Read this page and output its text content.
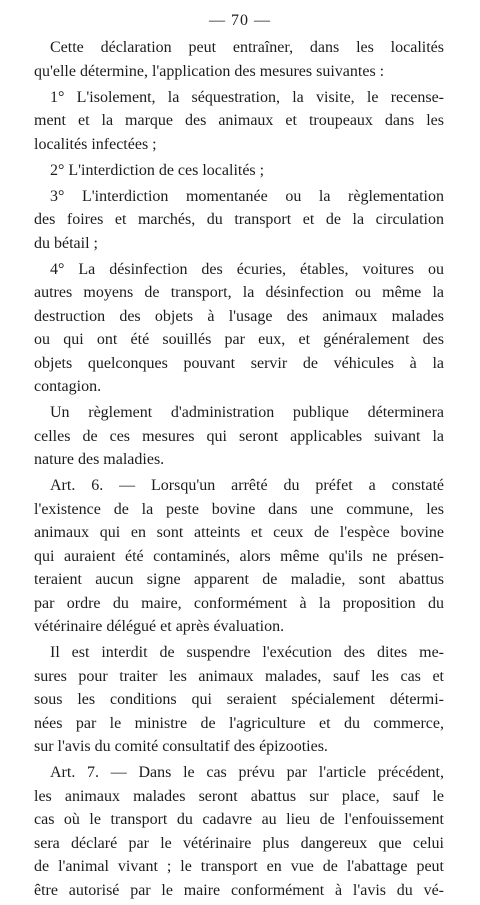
— 70 —
Cette déclaration peut entraîner, dans les localités
qu'elle détermine, l'application des mesures suivantes :
1° L'isolement, la séquestration, la visite, le recense-
ment et la marque des animaux et troupeaux dans les
localités infectées ;
2° L'interdiction de ces localités ;
3° L'interdiction momentanée ou la règlementation
des foires et marchés, du transport et de la circulation
du bétail ;
4° La désinfection des écuries, étables, voitures ou
autres moyens de transport, la désinfection ou même la
destruction des objets à l'usage des animaux malades
ou qui ont été souillés par eux, et généralement des
objets quelconques pouvant servir de véhicules à la
contagion.
Un règlement d'administration publique déterminera
celles de ces mesures qui seront applicables suivant la
nature des maladies.
Art. 6. — Lorsqu'un arrêté du préfet a constaté
l'existence de la peste bovine dans une commune, les
animaux qui en sont atteints et ceux de l'espèce bovine
qui auraient été contaminés, alors même qu'ils ne présen-
teraient aucun signe apparent de maladie, sont abattus
par ordre du maire, conformément à la proposition du
vétérinaire délégué et après évaluation.
Il est interdit de suspendre l'exécution des dites me-
sures pour traiter les animaux malades, sauf les cas et
sous les conditions qui seraient spécialement détermi-
nées par le ministre de l'agriculture et du commerce,
sur l'avis du comité consultatif des épizooties.
Art. 7. — Dans le cas prévu par l'article précédent,
les animaux malades seront abattus sur place, sauf le
cas où le transport du cadavre au lieu de l'enfouissement
sera déclaré par le vétérinaire plus dangereux que celui
de l'animal vivant ; le transport en vue de l'abattage peut
être autorisé par le maire conformément à l'avis du vé-
